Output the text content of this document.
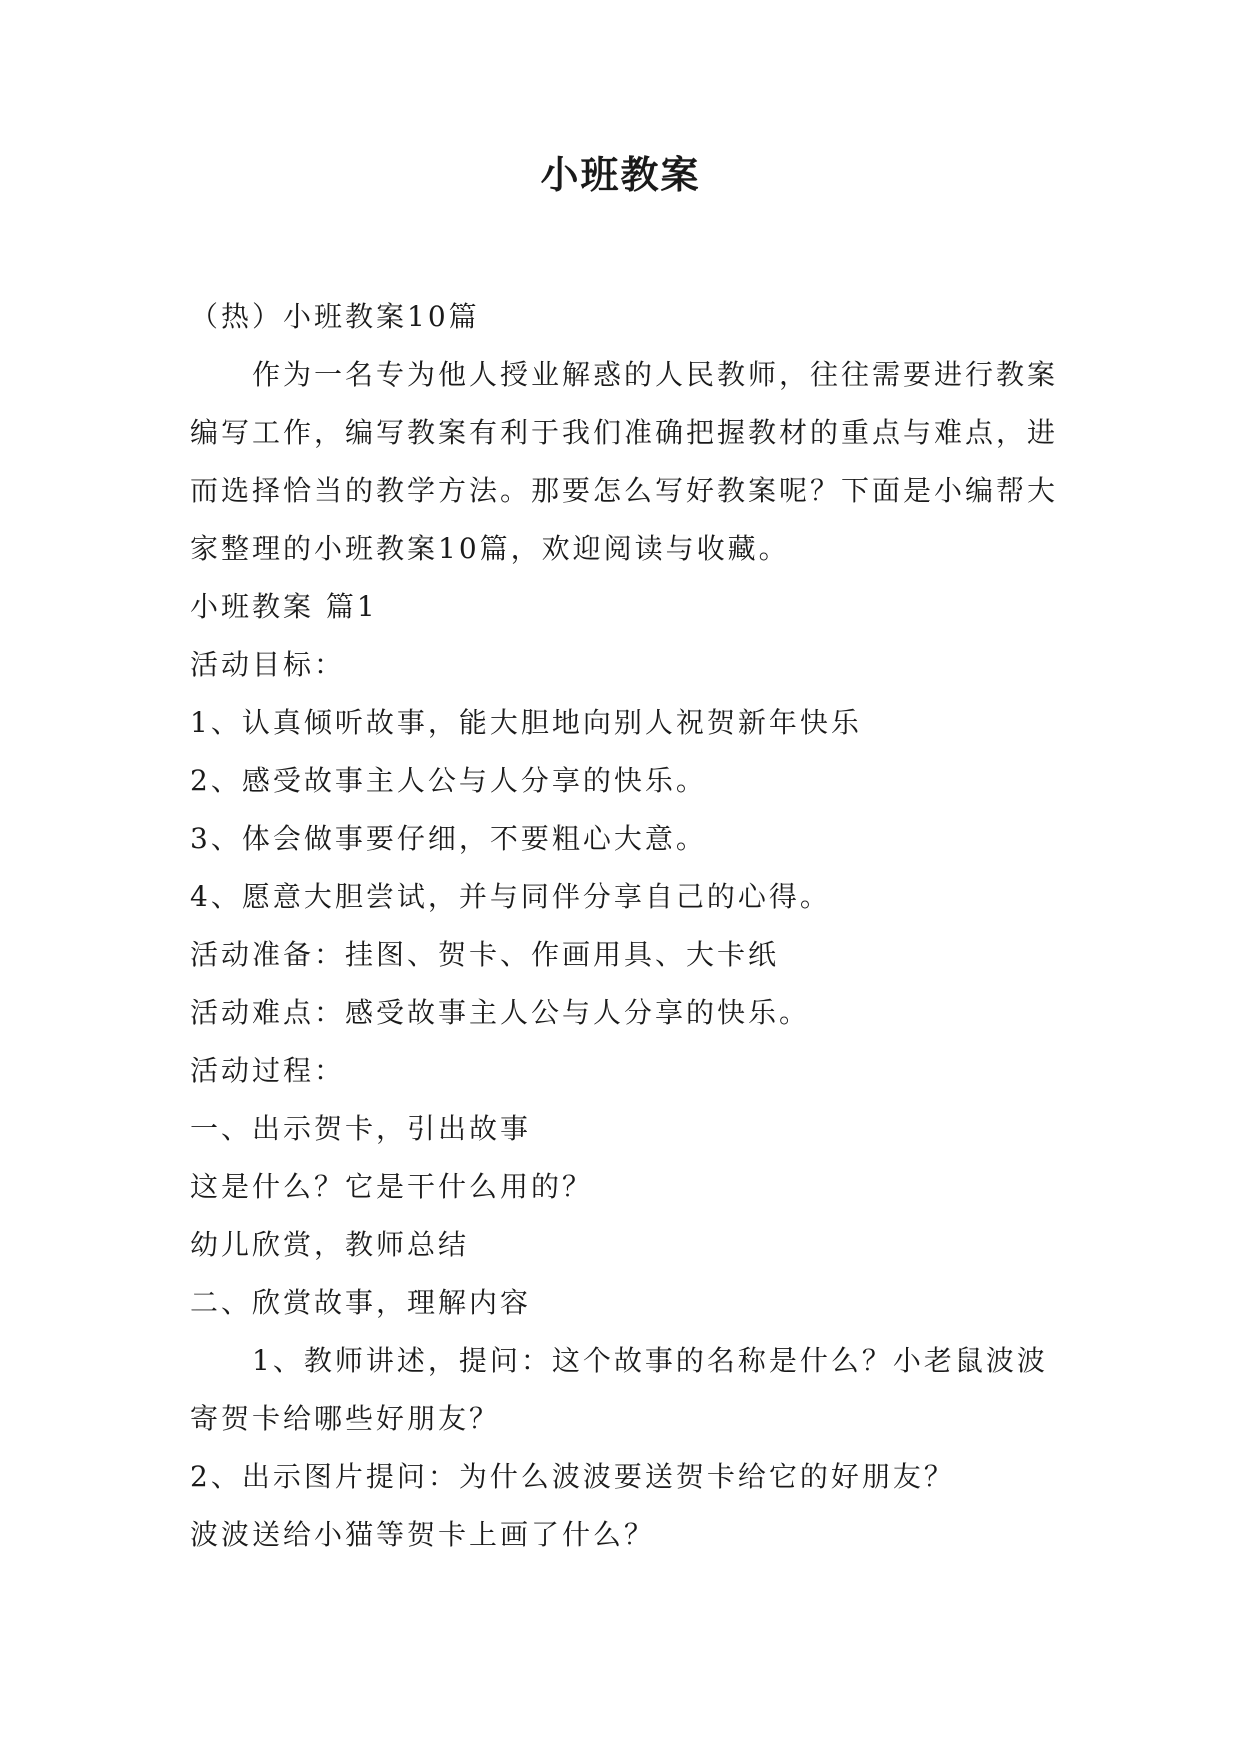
小班教案

（热）小班教案10篇

作为一名专为他人授业解惑的人民教师，往往需要进行教案编写工作，编写教案有利于我们准确把握教材的重点与难点，进而选择恰当的教学方法。那要怎么写好教案呢？下面是小编帮大家整理的小班教案10篇，欢迎阅读与收藏。

小班教案 篇1

活动目标：

1、认真倾听故事，能大胆地向别人祝贺新年快乐

2、感受故事主人公与人分享的快乐。

3、体会做事要仔细，不要粗心大意。

4、愿意大胆尝试，并与同伴分享自己的心得。

活动准备：挂图、贺卡、作画用具、大卡纸

活动难点：感受故事主人公与人分享的快乐。

活动过程：

一、出示贺卡，引出故事

这是什么？它是干什么用的？

幼儿欣赏，教师总结

二、欣赏故事，理解内容

1、教师讲述，提问：这个故事的名称是什么？小老鼠波波寄贺卡给哪些好朋友？

2、出示图片提问：为什么波波要送贺卡给它的好朋友？

波波送给小猫等贺卡上画了什么？
